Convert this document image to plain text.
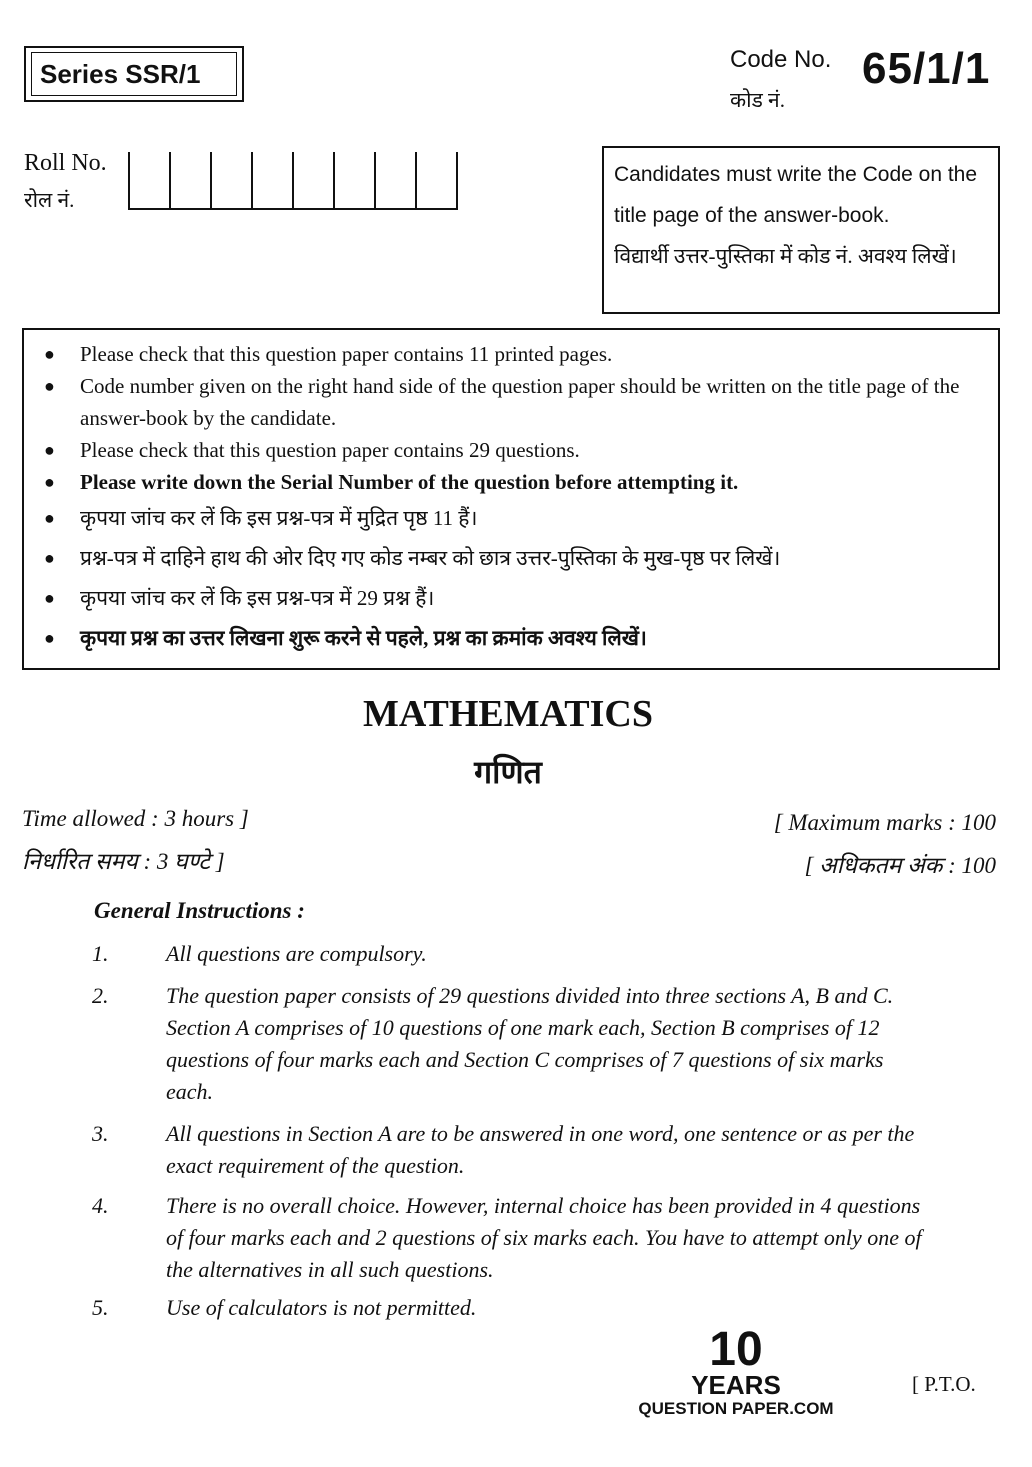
Series SSR/1	Code No.
कोड नं.
65/1/1
Roll No.
रोल नं.
Candidates must write the Code on the title page of the answer-book.
विद्यार्थी उत्तर-पुस्तिका में कोड नं. अवश्य लिखें।
●	Please check that this question paper contains 11 printed pages.
●	Code number given on the right hand side of the question paper should be written on the title page of the answer-book by the candidate.
●	Please check that this question paper contains 29 questions.
●	Please write down the Serial Number of the question before attempting it.
●	कृपया जांच कर लें कि इस प्रश्न-पत्र में मुद्रित पृष्ठ 11 हैं।
●	प्रश्न-पत्र में दाहिने हाथ की ओर दिए गए कोड नम्बर को छात्र उत्तर-पुस्तिका के मुख-पृष्ठ पर लिखें।
●	कृपया जांच कर लें कि इस प्रश्न-पत्र में 29 प्रश्न हैं।
●	कृपया प्रश्न का उत्तर लिखना शुरू करने से पहले, प्रश्न का क्रमांक अवश्य लिखें।
MATHEMATICS
गणित
Time allowed : 3 hours ]
निर्धारित समय : 3 घण्टे ]
[ Maximum marks : 100
[ अधिकतम अंक : 100
General Instructions :
1.	All questions are compulsory.
2.	The question paper consists of 29 questions divided into three sections A, B and C. Section A comprises of 10 questions of one mark each, Section B comprises of 12 questions of four marks each and Section C comprises of 7 questions of six marks each.
3.	All questions in Section A are to be answered in one word, one sentence or as per the exact requirement of the question.
4.	There is no overall choice. However, internal choice has been provided in 4 questions of four marks each and 2 questions of six marks each. You have to attempt only one of the alternatives in all such questions.
5.	Use of calculators is not permitted.
10
YEARS
QUESTION PAPER.COM
[ P.T.O.
